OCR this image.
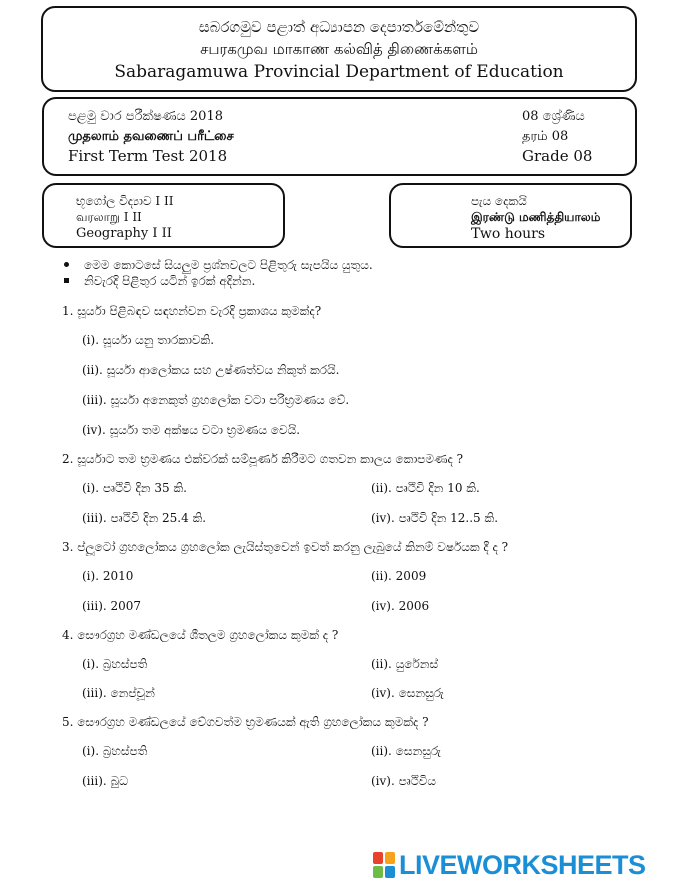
සබරගමුව පළාත් අධ්‍යාපන දෙපාර්තමේන්තුව
சபரகமுவ மாகாண கல்வித் திணைக்களம்
Sabaragamuwa Provincial Department of Education
පළමු වාර පරීක්ෂණය 2018
முதலாம் தவணைப் பரீட்சை
First Term Test 2018
08 ශ්‍රේණිය
தரம் 08
Grade 08
භූගෝල විද්‍යාව I II
வரலாறு I II
Geography I II
පැය දෙකයි
இரண்டு மணித்தியாலம்
Two hours
මෙම කොටසේ සියලුම ප්‍රශ්නවලට පිළිතුරු සැපයිය යුතුය.
නිවැරදි පිළිතුර යටින් ඉරක් අදින්න.
1. සූර්යා පිළිබඳව සඳහන්වන වැරදි ප්‍රකාශය කුමක්ද?
(i). සූර්යා යනු තාරකාවකි.
(ii). සූර්යා ආලෝකය සහ උෂ්ණත්වය නිකුත් කරයි.
(iii). සූර්යා අනෙකුත් ග්‍රහලෝක වටා පරිභ්‍රමණය වේ.
(iv). සූර්යා තම අක්ෂය වටා භ්‍රමණය වෙයි.
2. සූර්යාට තම භ්‍රමණය එක්වරක් සම්පූර්ණ කිරීමට ගතවන කාලය කොපමණද ?
(i). පෘථිවි දින 35 කි.	(ii). පෘථිවි දින 10 කි.
(iii). පෘථිවි දින 25.4 කි.	(iv). පෘථිවි දින 12..5 කි.
3. ප්ලූටෝ ග්‍රහලෝකය ග්‍රහලෝක ලැයිස්තුවෙන් ඉවත් කරනු ලැබුයේ කිනම් වර්ෂයක දී ද ?
(i). 2010	(ii). 2009
(iii). 2007	(iv). 2006
4. සෞරග්‍රහ මණ්ඩලයේ ශීතලම ග්‍රහලෝකය කුමක් ද ?
(i). බ්‍රහස්පති	(ii). යුරේනස්
(iii). නෙප්චූන්	(iv). සෙනසුරු
5. සෞරග්‍රහ මණ්ඩලයේ වේගවත්ම භ්‍රමණයක් ඇති ග්‍රහලෝකය කුමක්ද ?
(i). බ්‍රහස්පති	(ii). සෙනසුරු
(iii). බුධ	(iv). පෘථිවිය
LIVEWORKSHEETS
